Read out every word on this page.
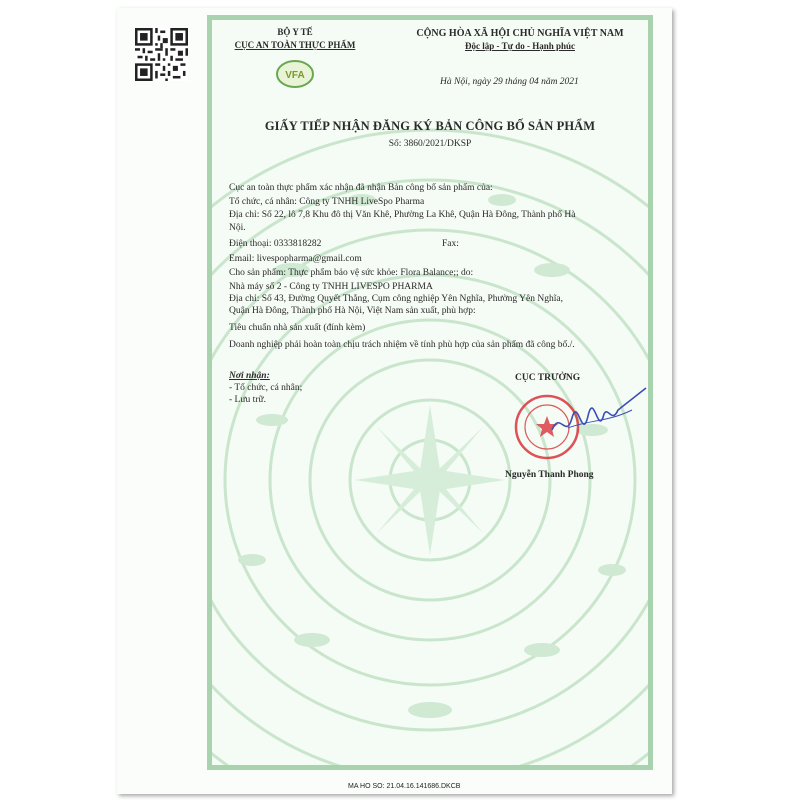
VFA
BỘ Y TẾ
CỤC AN TOÀN THỰC PHẨM
CỘNG HÒA XÃ HỘI CHỦ NGHĨA VIỆT NAM
Độc lập - Tự do - Hạnh phúc
Hà Nội, ngày 29 tháng 04 năm 2021
GIẤY TIẾP NHẬN ĐĂNG KÝ BẢN CÔNG BỐ SẢN PHẨM
Số: 3860/2021/DKSP
Cục an toàn thực phẩm xác nhận đã nhận Bản công bố sản phẩm của:
Tổ chức, cá nhân: Công ty TNHH LiveSpo Pharma
Địa chỉ: Số 22, lô 7,8 Khu đô thị Văn Khê, Phường La Khê, Quận Hà Đông, Thành phố Hà
Nội.
Điện thoại: 0333818282	Fax:
Email: livespopharma@gmail.com
Cho sản phẩm: Thực phẩm bảo vệ sức khỏe: Flora Balance;; do:
Nhà máy số 2 - Công ty TNHH LIVESPO PHARMA
Địa chỉ: Số 43, Đường Quyết Thắng, Cụm công nghiệp Yên Nghĩa, Phường Yên Nghĩa,
Quận Hà Đông, Thành phố Hà Nội, Việt Nam sản xuất, phù hợp:
Tiêu chuẩn nhà sản xuất (đính kèm)
Doanh nghiệp phải hoàn toàn chịu trách nhiệm về tính phù hợp của sản phẩm đã công bố./.
Nơi nhận:
- Tổ chức, cá nhân;
- Lưu trữ.
CỤC TRƯỞNG
Nguyễn Thanh Phong
MA HO SO: 21.04.16.141686.DKCB
